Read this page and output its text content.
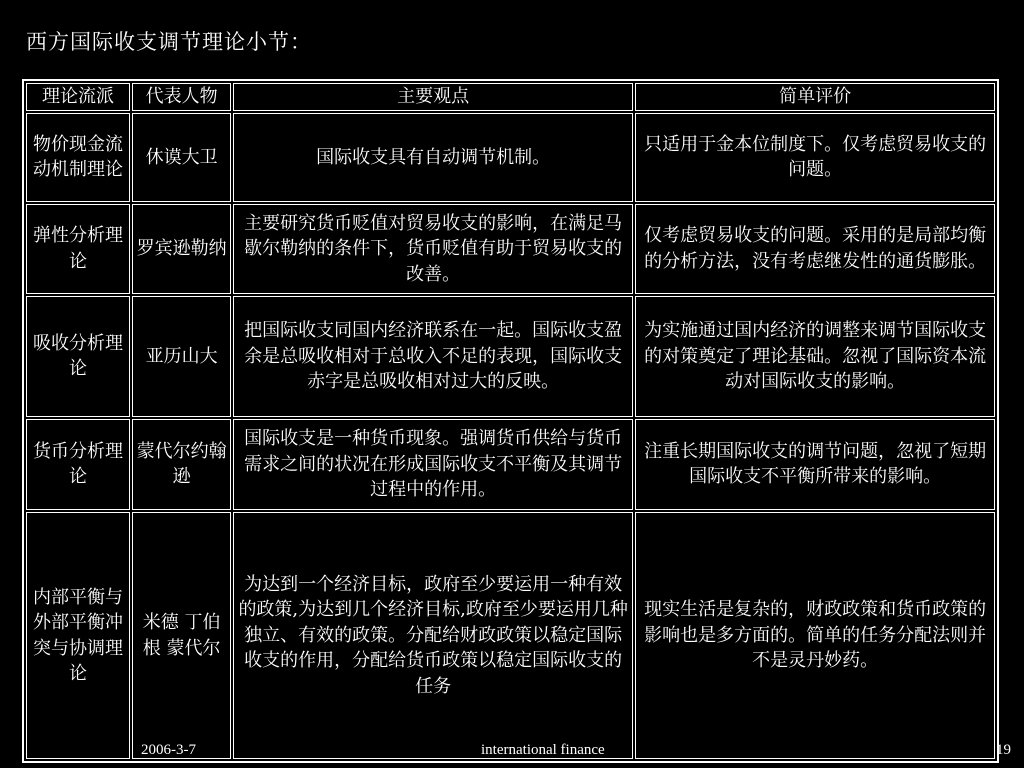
西方国际收支调节理论小节：
理论流派	代表人物	主要观点	简单评价
物价现金流动机制理论	休谟大卫	国际收支具有自动调节机制。	只适用于金本位制度下。仅考虑贸易收支的问题。
弹性分析理论	罗宾逊勒纳	主要研究货币贬值对贸易收支的影响，在满足马歇尔勒纳的条件下，货币贬值有助于贸易收支的改善。	仅考虑贸易收支的问题。采用的是局部均衡的分析方法，没有考虑继发性的通货膨胀。
吸收分析理论	亚历山大	把国际收支同国内经济联系在一起。国际收支盈余是总吸收相对于总收入不足的表现，国际收支赤字是总吸收相对过大的反映。	为实施通过国内经济的调整来调节国际收支的对策奠定了理论基础。忽视了国际资本流动对国际收支的影响。
货币分析理论	蒙代尔约翰逊	国际收支是一种货币现象。强调货币供给与货币需求之间的状况在形成国际收支不平衡及其调节过程中的作用。	注重长期国际收支的调节问题，忽视了短期国际收支不平衡所带来的影响。
内部平衡与外部平衡冲突与协调理论	米德 丁伯根 蒙代尔	为达到一个经济目标，政府至少要运用一种有效的政策,为达到几个经济目标,政府至少要运用几种独立、有效的政策。分配给财政政策以稳定国际收支的作用，分配给货币政策以稳定国际收支的任务	现实生活是复杂的，财政政策和货币政策的影响也是多方面的。简单的任务分配法则并不是灵丹妙药。
2006-3-7	international finance	19
